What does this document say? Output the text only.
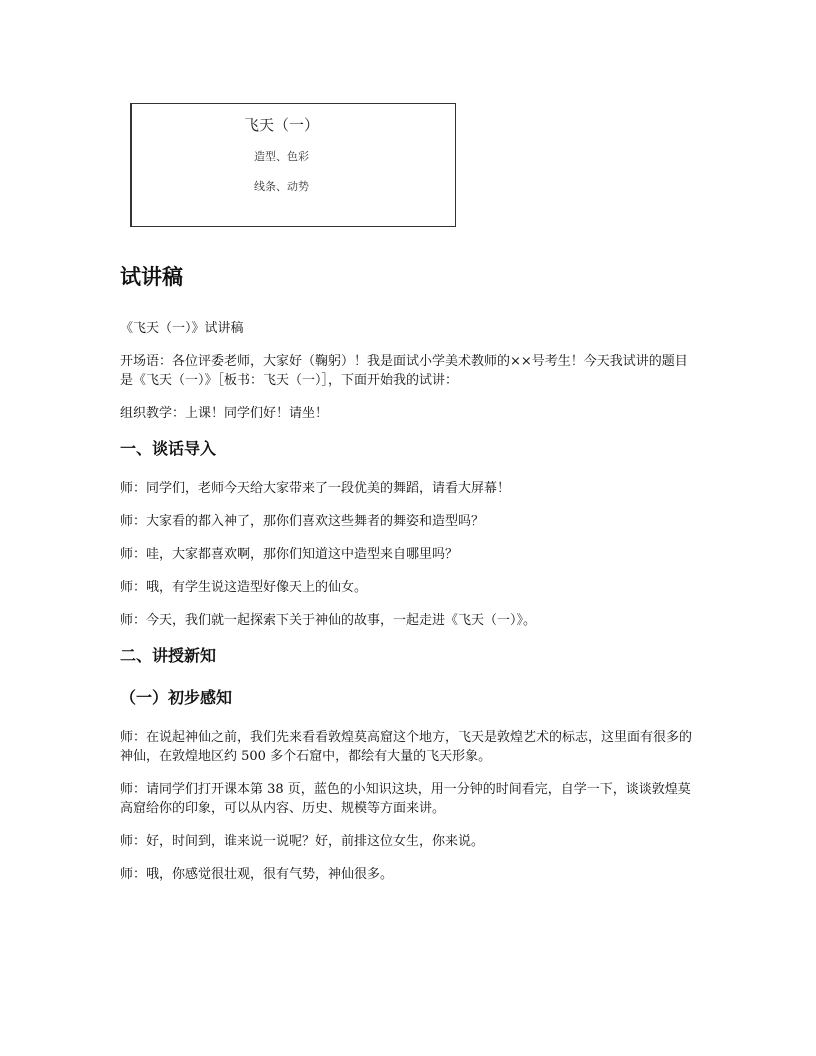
飞天（一）
造型、色彩
线条、动势
试讲稿

《飞天（一）》试讲稿

开场语：各位评委老师，大家好（鞠躬）！我是面试小学美术教师的××号考生！今天我试讲的题目是《飞天（一）》［板书：飞天（一）］，下面开始我的试讲：

组织教学：上课！同学们好！请坐！

一、谈话导入

师：同学们，老师今天给大家带来了一段优美的舞蹈，请看大屏幕！

师：大家看的都入神了，那你们喜欢这些舞者的舞姿和造型吗？

师：哇，大家都喜欢啊，那你们知道这中造型来自哪里吗？

师：哦，有学生说这造型好像天上的仙女。

师：今天，我们就一起探索下关于神仙的故事，一起走进《飞天（一）》。

二、讲授新知
（一）初步感知

师：在说起神仙之前，我们先来看看敦煌莫高窟这个地方，飞天是敦煌艺术的标志，这里面有很多的神仙，在敦煌地区约 500 多个石窟中，都绘有大量的飞天形象。

师：请同学们打开课本第 38 页，蓝色的小知识这块，用一分钟的时间看完，自学一下，谈谈敦煌莫高窟给你的印象，可以从内容、历史、规模等方面来讲。

师：好，时间到，谁来说一说呢？好，前排这位女生，你来说。

师：哦，你感觉很壮观，很有气势，神仙很多。
